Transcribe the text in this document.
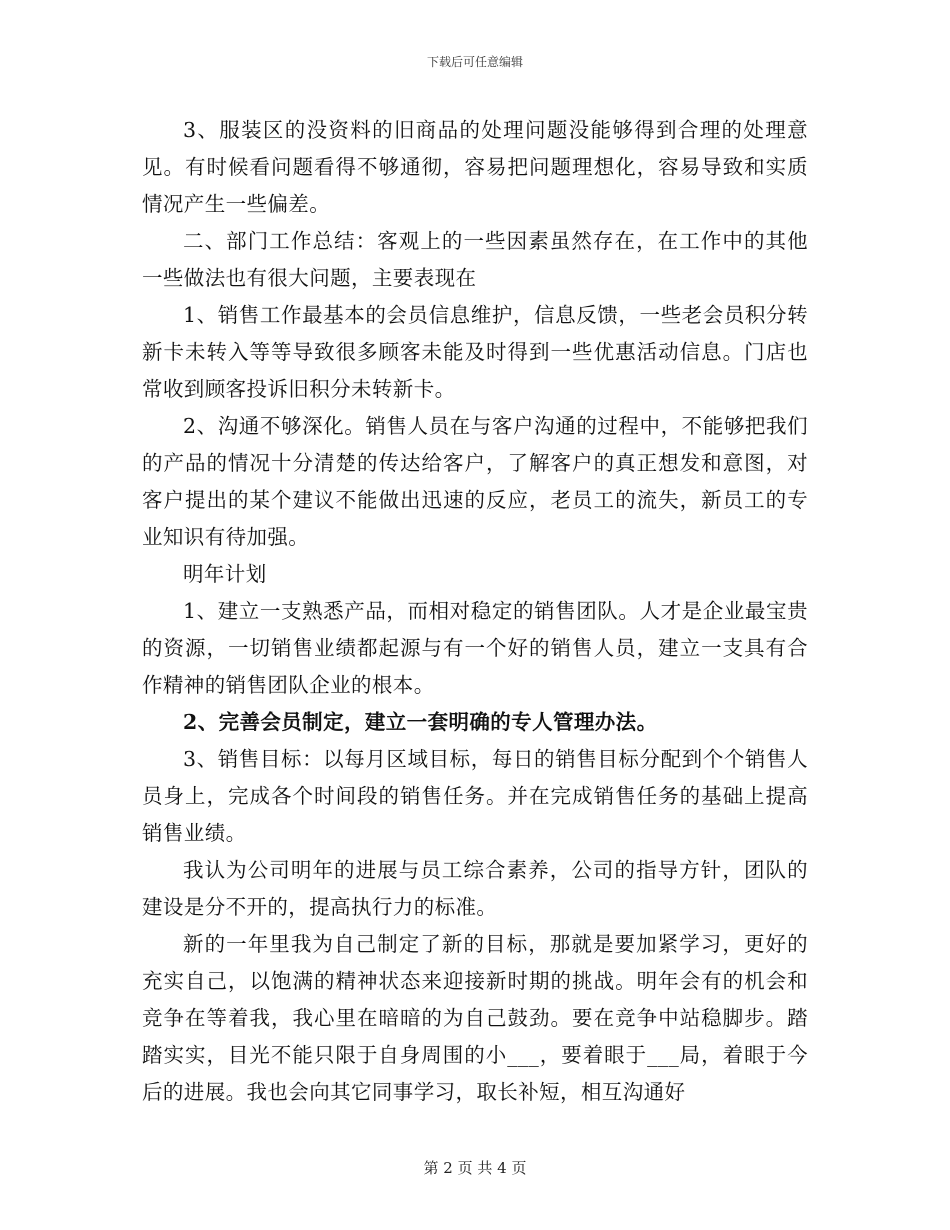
下载后可任意编辑

3、服装区的没资料的旧商品的处理问题没能够得到合理的处理意见。有时候看问题看得不够通彻，容易把问题理想化，容易导致和实质情况产生一些偏差。

二、部门工作总结：客观上的一些因素虽然存在，在工作中的其他一些做法也有很大问题，主要表现在

1、销售工作最基本的会员信息维护，信息反馈，一些老会员积分转新卡未转入等等导致很多顾客未能及时得到一些优惠活动信息。门店也常收到顾客投诉旧积分未转新卡。

2、沟通不够深化。销售人员在与客户沟通的过程中，不能够把我们的产品的情况十分清楚的传达给客户，了解客户的真正想发和意图，对客户提出的某个建议不能做出迅速的反应，老员工的流失，新员工的专业知识有待加强。

明年计划

1、建立一支熟悉产品，而相对稳定的销售团队。人才是企业最宝贵的资源，一切销售业绩都起源与有一个好的销售人员，建立一支具有合作精神的销售团队企业的根本。

2、完善会员制定，建立一套明确的专人管理办法。

3、销售目标：以每月区域目标，每日的销售目标分配到个个销售人员身上，完成各个时间段的销售任务。并在完成销售任务的基础上提高销售业绩。

我认为公司明年的进展与员工综合素养，公司的指导方针，团队的建设是分不开的，提高执行力的标准。

新的一年里我为自己制定了新的目标，那就是要加紧学习，更好的充实自己，以饱满的精神状态来迎接新时期的挑战。明年会有的机会和竞争在等着我，我心里在暗暗的为自己鼓劲。要在竞争中站稳脚步。踏踏实实，目光不能只限于自身周围的小___，要着眼于___局，着眼于今后的进展。我也会向其它同事学习，取长补短，相互沟通好

第 2 页 共 4 页
